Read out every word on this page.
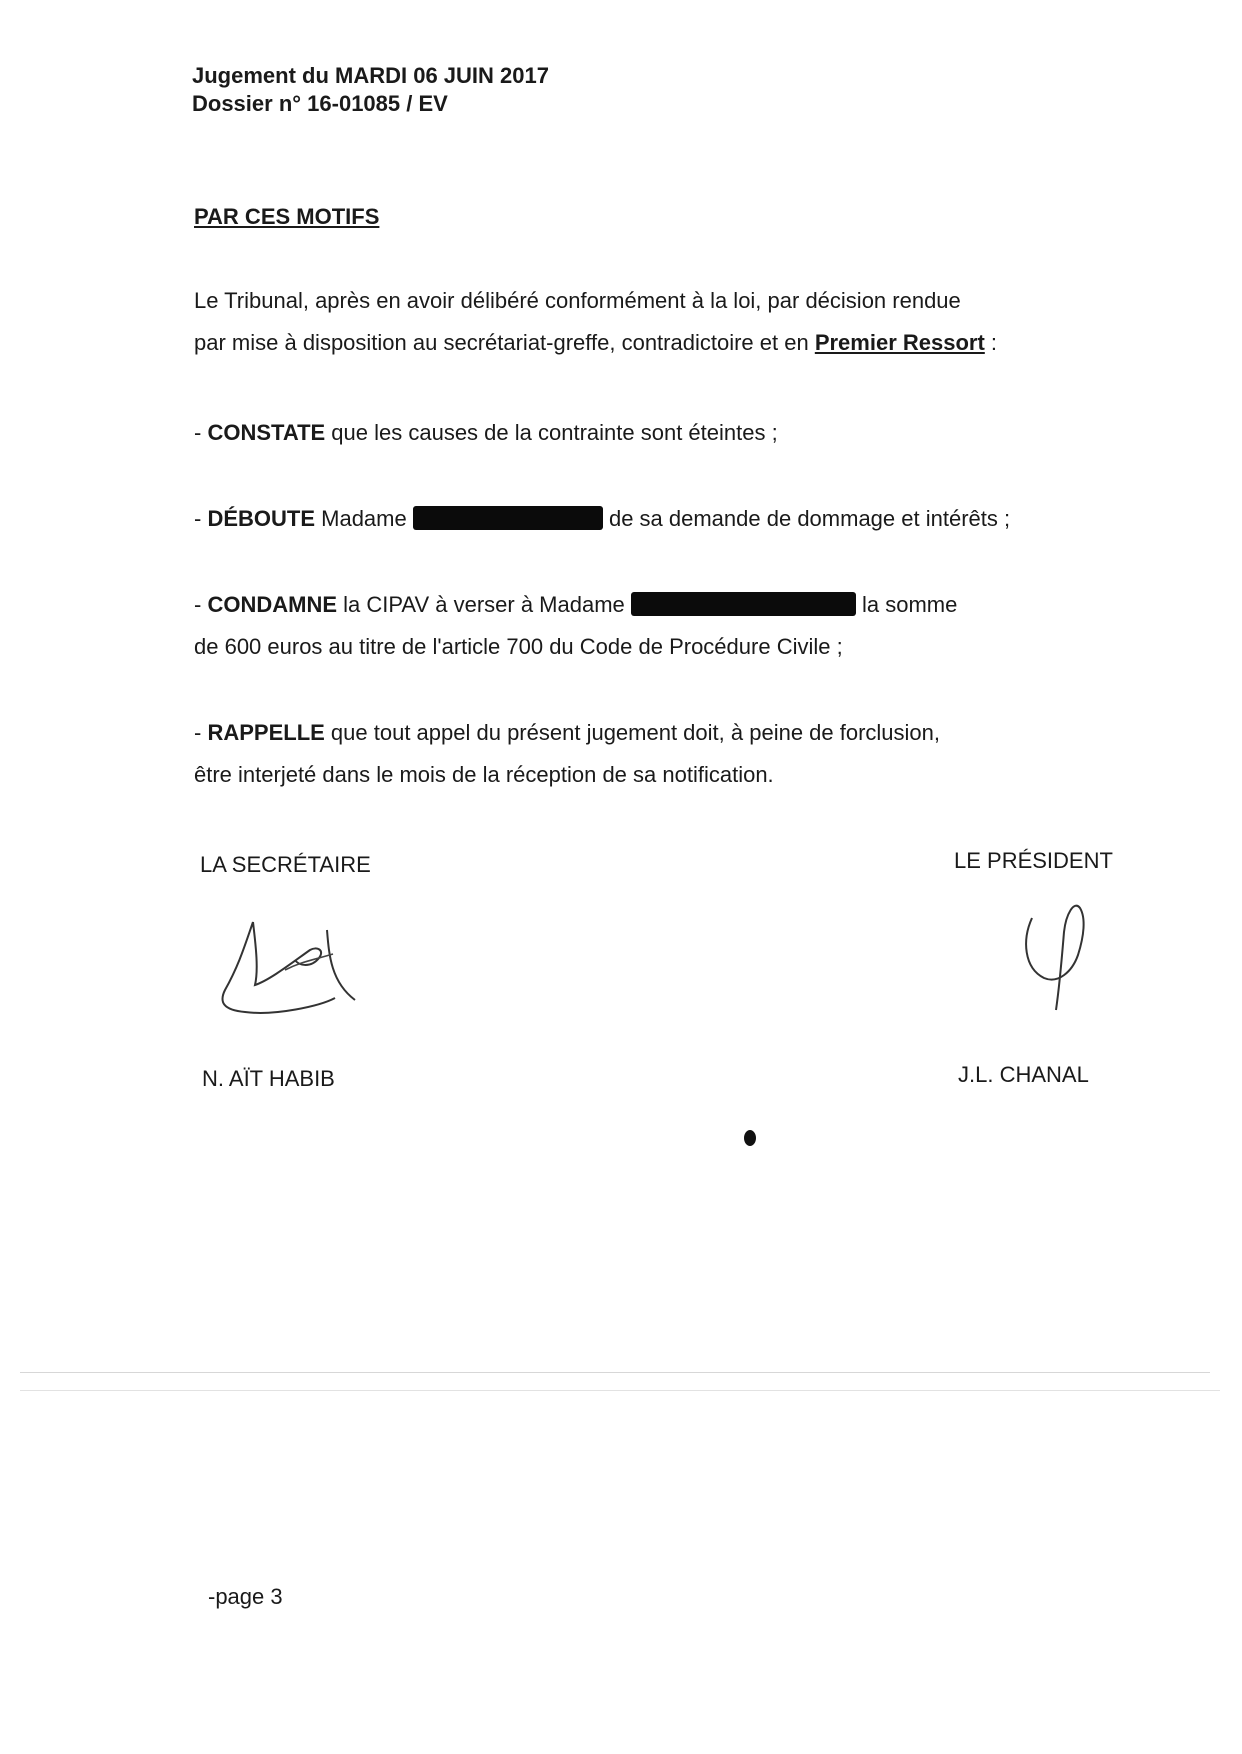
Jugement du MARDI 06 JUIN 2017
Dossier n° 16-01085 / EV
PAR CES MOTIFS
Le Tribunal, après en avoir délibéré conformément à la loi, par décision rendue
par mise à disposition au secrétariat-greffe, contradictoire et en Premier Ressort :
- CONSTATE que les causes de la contrainte sont éteintes ;
- DÉBOUTE Madame	de sa demande de dommage et intérêts ;
- CONDAMNE la CIPAV à verser à Madame	la somme
de 600 euros au titre de l'article 700 du Code de Procédure Civile ;
- RAPPELLE que tout appel du présent jugement doit, à peine de forclusion,
être interjeté dans le mois de la réception de sa notification.
LA SECRÉTAIRE	LE PRÉSIDENT
N. AÏT HABIB	J.L. CHANAL
-page 3
